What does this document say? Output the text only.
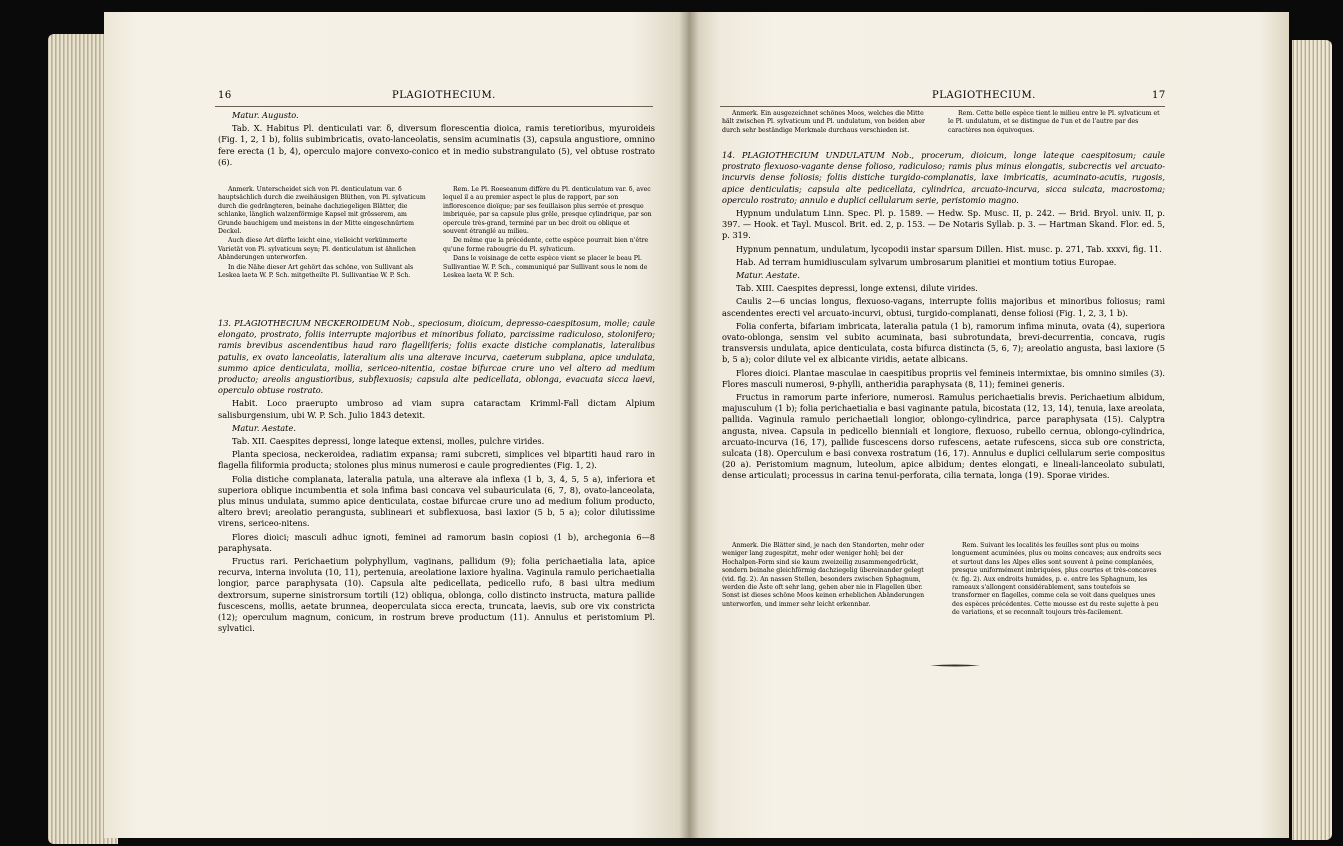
16	PLAGIOTHECIUM.

Matur. Augusto.

Tab. X. Habitus Pl. denticulati var. δ, diversum florescentia dioica, ramis teretioribus, myuroideis (Fig. 1, 2, 1 b), foliis subimbricatis, ovato-lanceolatis, sensim acuminatis (3), capsula angustiore, omnino fere erecta (1 b, 4), operculo majore convexo-conico et in medio substrangulato (5), vel obtuse rostrato (6).

Anmerk. Unterscheidet sich von Pl. denticulatum var. δ hauptsächlich durch die zweihäusigen Blüthen, von Pl. sylvaticum durch die gedrängteren, beinahe dachziegeligen Blätter, die schlanke, länglich walzenförmige Kapsel mit grösserem, am Grunde bauchigem und meistens in der Mitte eingeschnürtem Deckel.

Auch diese Art dürfte leicht eine, vielleicht verkümmerte Varietät von Pl. sylvaticum seyn; Pl. denticulatum ist ähnlichen Abänderungen unterworfen.

In die Nähe dieser Art gehört das schöne, von Sullivant als Leskea laeta W. P. Sch. mitgetheilte Pl. Sullivantiae W. P. Sch.

Rem. Le Pl. Roeseanum diffère du Pl. denticulatum var. δ, avec lequel il a au premier aspect le plus de rapport, par son inflorescence dioïque; par ses feuillaison plus serrée et presque imbriquée, par sa capsule plus grêle, presque cylindrique, par son opercule très-grand, terminé par un bec droit ou oblique et souvent étranglé au milieu.

De même que la précédente, cette espèce pourrait bien n'être qu'une forme rabougrie du Pl. sylvaticum.

Dans le voisinage de cette espèce vient se placer le beau Pl. Sullivantiae W. P. Sch., communiqué par Sullivant sous le nom de Leskea laeta W. P. Sch.

13. PLAGIOTHECIUM NECKEROIDEUM Nob., speciosum, dioicum, depresso-caespitosum, molle; caule elongato, prostrato, foliis interrupte majoribus et minoribus foliato, parcissime radiculoso, stoloniferο; ramis brevibus ascendentibus haud raro flagelliferis; foliis exacte distiche complanatis, lateralibus patulis, ex ovato lanceolatis, lateralium alis una alterave incurva, caeterum subplana, apice undulata, summo apice denticulata, mollia, sericeo-nitentia, costae bifurcae crure uno vel altero ad medium producto; areolis angustioribus, subflexuosis; capsula alte pedicellata, oblonga, evacuata sicca laevi, operculo obtuse rostrato.

Habit. Loco praerupto umbroso ad viam supra cataractam Krimml-Fall dictam Alpium salisburgensium, ubi W. P. Sch. Julio 1843 detexit.

Matur. Aestate.

Tab. XII. Caespites depressi, longe lateque extensi, molles, pulchre virides.

Planta speciosa, neckeroidea, radiatim expansa; rami subcreti, simplices vel bipartiti haud raro in flagella filiformia producta; stolones plus minus numerosi e caule progredientes (Fig. 1, 2).

Folia distiche complanata, lateralia patula, una alterave ala inflexa (1 b, 3, 4, 5, 5 a), inferiora et superiora oblique incumbentia et sola infima basi concava vel subauriculata (6, 7, 8), ovato-lanceolata, plus minus undulata, summo apice denticulata, costae bifurcae crure uno ad medium folium producto, altero brevi; areolatio perangusta, sublineari et subflexuosa, basi laxior (5 b, 5 a); color dilutissime virens, sericeo-nitens.

Flores dioici; masculi adhuc ignoti, feminei ad ramorum basin copiosi (1 b), archegonia 6—8 paraphysata.

Fructus rari. Perichaetium polyphyllum, vaginans, pallidum (9); folia perichaetialia lata, apice recurva, interna involuta (10, 11), pertenuia, areolatione laxiore hyalina. Vaginula ramulo perichaetialia longior, parce paraphysata (10). Capsula alte pedicellata, pedicello rufo, 8 basi ultra medium dextrorsum, superne sinistrorsum tortili (12) obliqua, oblonga, collo distincto instructa, matura pallide fuscescens, mollis, aetate brunnea, deoperculata sicca erecta, truncata, laevis, sub ore vix constricta (12); operculum magnum, conicum, in rostrum breve productum (11). Annulus et peristomium Pl. sylvatici.

PLAGIOTHECIUM.	17

Anmerk. Ein ausgezeichnet schönes Moos, welches die Mitte hält zwischen Pl. sylvaticum und Pl. undulatum, von beiden aber durch sehr beständige Merkmale durchaus verschieden ist.

Rem. Cette belle espèce tient le milieu entre le Pl. sylvaticum et le Pl. undulatum, et se distingue de l'un et de l'autre par des caractères non équivoques.

14. PLAGIOTHECIUM UNDULATUM Nob., procerum, dioicum, longe lateque caespitosum; caule prostrato flexuoso-vagante dense folioso, radiculoso; ramis plus minus elongatis, subcrectis vel arcuato-incurvis dense foliosis; foliis distiche turgido-complanatis, laxe imbricatis, acuminato-acutis, rugosis, apice denticulatis; capsula alte pedicellata, cylindrica, arcuato-incurva, sicca sulcata, macrostoma; operculo rostrato; annulo e duplici cellularum serie, peristomio magno.

Hypnum undulatum Linn. Spec. Pl. p. 1589. — Hedw. Sp. Musc. II, p. 242. — Brid. Bryol. univ. II, p. 397. — Hook. et Tayl. Muscol. Brit. ed. 2, p. 153. — De Notaris Syllab. p. 3. — Hartman Skand. Flor. ed. 5, p. 319.

Hypnum pennatum, undulatum, lycopodii instar sparsum Dillen. Hist. musc. p. 271, Tab. xxxvi, fig. 11.

Hab. Ad terram humidiusculam sylvarum umbrosarum planitiei et montium totius Europae.

Matur. Aestate.

Tab. XIII. Caespites depressi, longe extensi, dilute virides.

Caulis 2—6 uncias longus, flexuoso-vagans, interrupte foliis majoribus et minoribus foliosus; rami ascendentes erecti vel arcuato-incurvi, obtusi, turgido-complanati, dense foliosi (Fig. 1, 2, 3, 1 b).

Folia conferta, bifariam imbricata, lateralia patula (1 b), ramorum infima minuta, ovata (4), superiora ovato-oblonga, sensim vel subito acuminata, basi subrotundata, brevi-decurrentia, concava, rugis transversis undulata, apice denticulata, costa bifurca distincta (5, 6, 7); areolatio angusta, basi laxiore (5 b, 5 a); color dilute vel ex albicante viridis, aetate albicans.

Flores dioici. Plantae masculae in caespitibus propriis vel femineis intermixtae, bis omnino similes (3). Flores masculi numerosi, 9-phylli, antheridia paraphysata (8, 11); feminei generis.

Fructus in ramorum parte inferiore, numerosi. Ramulus perichaetialis brevis. Perichaetium albidum, majusculum (1 b); folia perichaetialia e basi vaginante patula, bicostata (12, 13, 14), tenuia, laxe areolata, pallida. Vaginula ramulo perichaetiali longior, oblongo-cylindrica, parce paraphysata (15). Calyptra angusta, nivea. Capsula in pedicello bienniali et longiore, flexuoso, rubello cernua, oblongo-cylindrica, arcuato-incurva (16, 17), pallide fuscescens dorso rufescens, aetate rufescens, sicca sub ore constricta, sulcata (18). Operculum e basi convexa rostratum (16, 17). Annulus e duplici cellularum serie compositus (20 a). Peristomium magnum, luteolum, apice albidum; dentes elongati, e lineali-lanceolato subulati, dense articulati; processus in carina tenui-perforata, cilia ternata, longa (19). Sporae virides.

Anmerk. Die Blätter sind, je nach den Standorten, mehr oder weniger lang zugespitzt, mehr oder weniger hohl; bei der Hochalpen-Form sind sie kaum zweizeilig zusammengedrückt, sondern beinahe gleichförmig dachziegelig übereinander gelegt (vid. fig. 2). An nassen Stellen, besonders zwischen Sphagnum, werden die Äste oft sehr lang, gehen aber nie in Flagellen über. Sonst ist dieses schöne Moos keinen erheblichen Abänderungen unterworfen, und immer sehr leicht erkennbar.

Rem. Suivant les localités les feuilles sont plus ou moins longuement acuminées, plus ou moins concaves; aux endroits secs et surtout dans les Alpes elles sont souvent à peine complanées, presque uniformément imbriquées, plus courtes et très-concaves (v. fig. 2). Aux endroits humides, p. e. entre les Sphagnum, les rameaux s'allongent considérablement, sans toutefois se transformer en flagelles, comme cela se voit dans quelques unes des espèces précédentes. Cette mousse est du reste sujette à peu de variations, et se reconnaît toujours très-facilement.
